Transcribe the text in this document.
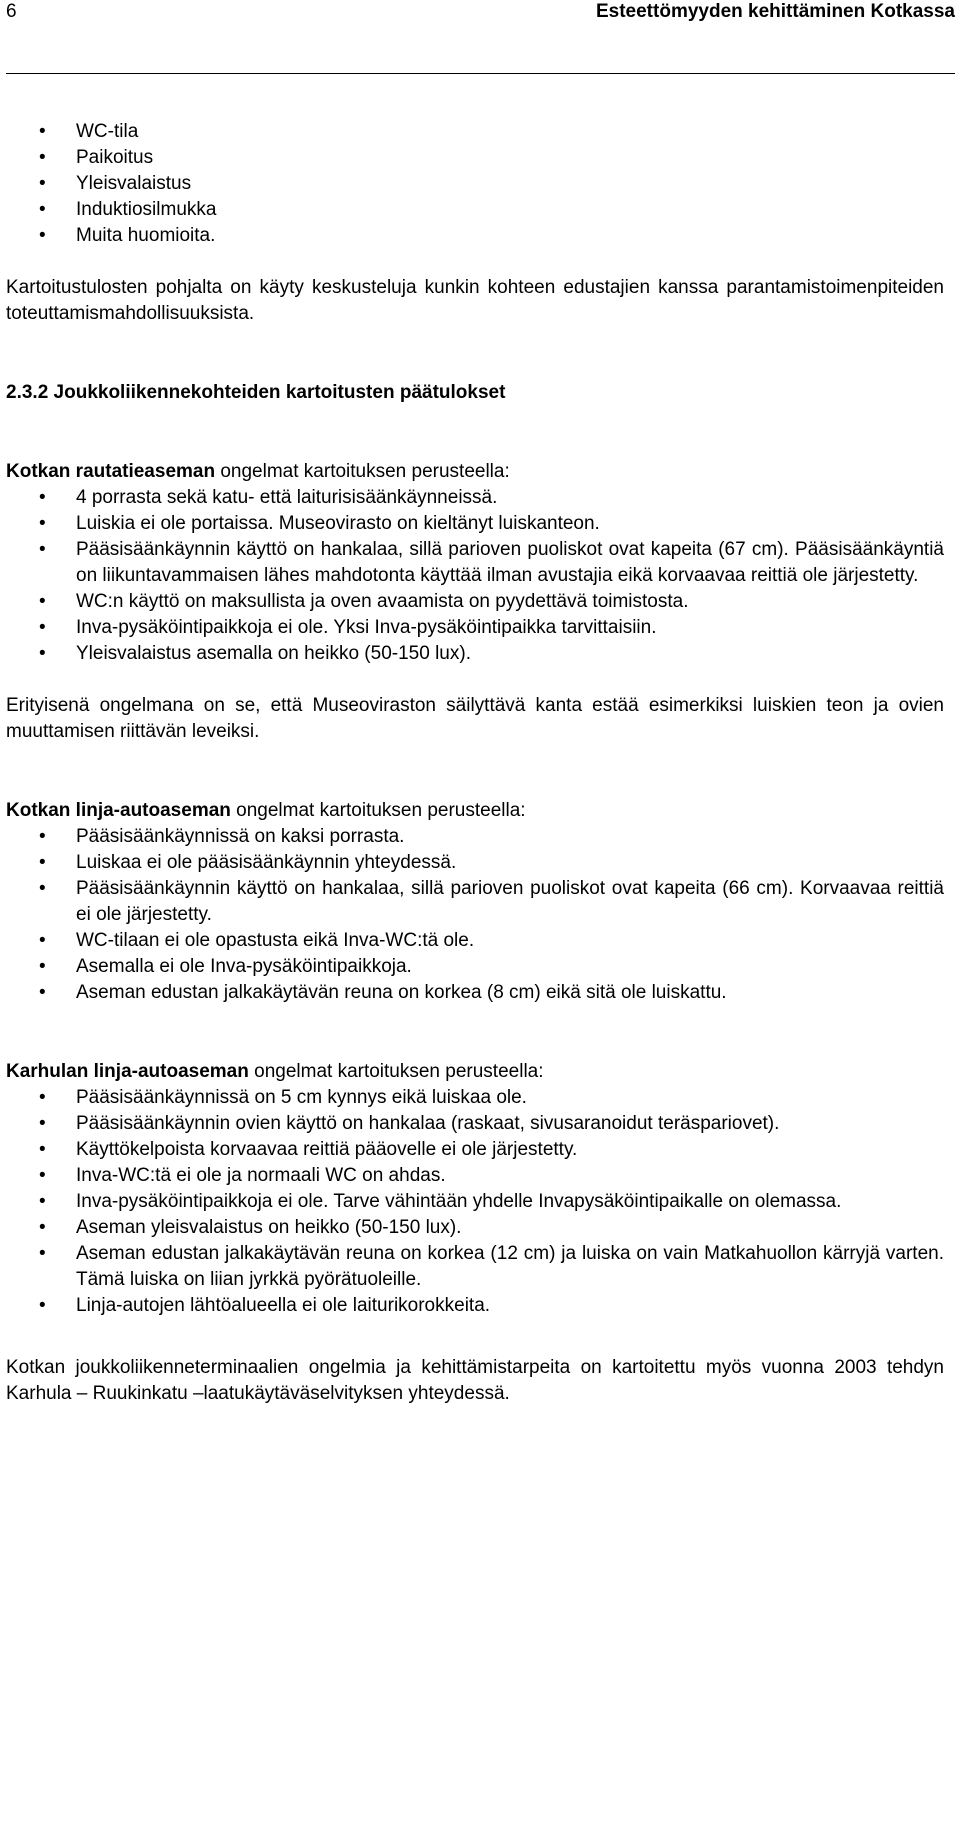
6	Esteettömyyden kehittäminen Kotkassa
• WC-tila
• Paikoitus
• Yleisvalaistus
• Induktiosilmukka
• Muita huomioita.

Kartoitustulosten pohjalta on käyty keskusteluja kunkin kohteen edustajien kanssa parantamistoimenpiteiden toteuttamismahdollisuuksista.

2.3.2 Joukkoliikennekohteiden kartoitusten päätulokset

Kotkan rautatieaseman ongelmat kartoituksen perusteella:

• 4 porrasta sekä katu- että laiturisisäänkäynneissä.

• Luiskia ei ole portaissa. Museovirasto on kieltänyt luiskanteon.

• Pääsisäänkäynnin käyttö on hankalaa, sillä parioven puoliskot ovat kapeita (67 cm). Pääsisäänkäyntiä on liikuntavammaisen lähes mahdotonta käyttää ilman avustajia eikä korvaavaa reittiä ole järjestetty.

• WC:n käyttö on maksullista ja oven avaamista on pyydettävä toimistosta.

• Inva-pysäköintipaikkoja ei ole. Yksi Inva-pysäköintipaikka tarvittaisiin.

• Yleisvalaistus asemalla on heikko (50-150 lux).

Erityisenä ongelmana on se, että Museoviraston säilyttävä kanta estää esimerkiksi luiskien teon ja ovien muuttamisen riittävän leveiksi.

Kotkan linja-autoaseman ongelmat kartoituksen perusteella:

• Pääsisäänkäynnissä on kaksi porrasta.

• Luiskaa ei ole pääsisäänkäynnin yhteydessä.

• Pääsisäänkäynnin käyttö on hankalaa, sillä parioven puoliskot ovat kapeita (66 cm). Korvaavaa reittiä ei ole järjestetty.

• WC-tilaan ei ole opastusta eikä Inva-WC:tä ole.

• Asemalla ei ole Inva-pysäköintipaikkoja.

• Aseman edustan jalkakäytävän reuna on korkea (8 cm) eikä sitä ole luiskattu.

Karhulan linja-autoaseman ongelmat kartoituksen perusteella:

• Pääsisäänkäynnissä on 5 cm kynnys eikä luiskaa ole.

• Pääsisäänkäynnin ovien käyttö on hankalaa (raskaat, sivusaranoidut teräspariovet).

• Käyttökelpoista korvaavaa reittiä pääovelle ei ole järjestetty.

• Inva-WC:tä ei ole ja normaali WC on ahdas.

• Inva-pysäköintipaikkoja ei ole. Tarve vähintään yhdelle Invapysäköintipaikalle on olemassa.

• Aseman yleisvalaistus on heikko (50-150 lux).

• Aseman edustan jalkakäytävän reuna on korkea (12 cm) ja luiska on vain Matkahuollon kärryjä varten. Tämä luiska on liian jyrkkä pyörätuoleille.

• Linja-autojen lähtöalueella ei ole laiturikorokkeita.

Kotkan joukkoliikenneterminaalien ongelmia ja kehittämistarpeita on kartoitettu myös vuonna 2003 tehdyn Karhula – Ruukinkatu –laatukäytäväselvityksen yhteydessä.
